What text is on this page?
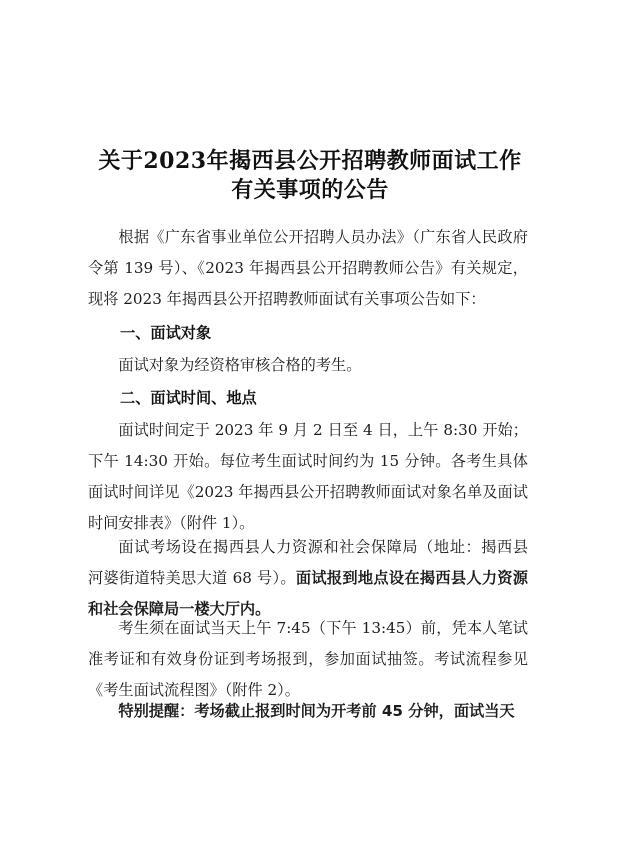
关于2023年揭西县公开招聘教师面试工作
有关事项的公告

根据《广东省事业单位公开招聘人员办法》（广东省人民政府令第 139 号）、《2023 年揭西县公开招聘教师公告》有关规定，现将 2023 年揭西县公开招聘教师面试有关事项公告如下：

一、面试对象

面试对象为经资格审核合格的考生。

二、面试时间、地点

面试时间定于 2023 年 9 月 2 日至 4 日，上午 8:30 开始；下午 14:30 开始。每位考生面试时间约为 15 分钟。各考生具体面试时间详见《2023 年揭西县公开招聘教师面试对象名单及面试时间安排表》（附件 1）。

面试考场设在揭西县人力资源和社会保障局（地址：揭西县河婆街道特美思大道 68 号）。面试报到地点设在揭西县人力资源和社会保障局一楼大厅内。

考生须在面试当天上午 7:45（下午 13:45）前，凭本人笔试准考证和有效身份证到考场报到，参加面试抽签。考试流程参见《考生面试流程图》（附件 2）。

特别提醒：考场截止报到时间为开考前 45 分钟，面试当天
